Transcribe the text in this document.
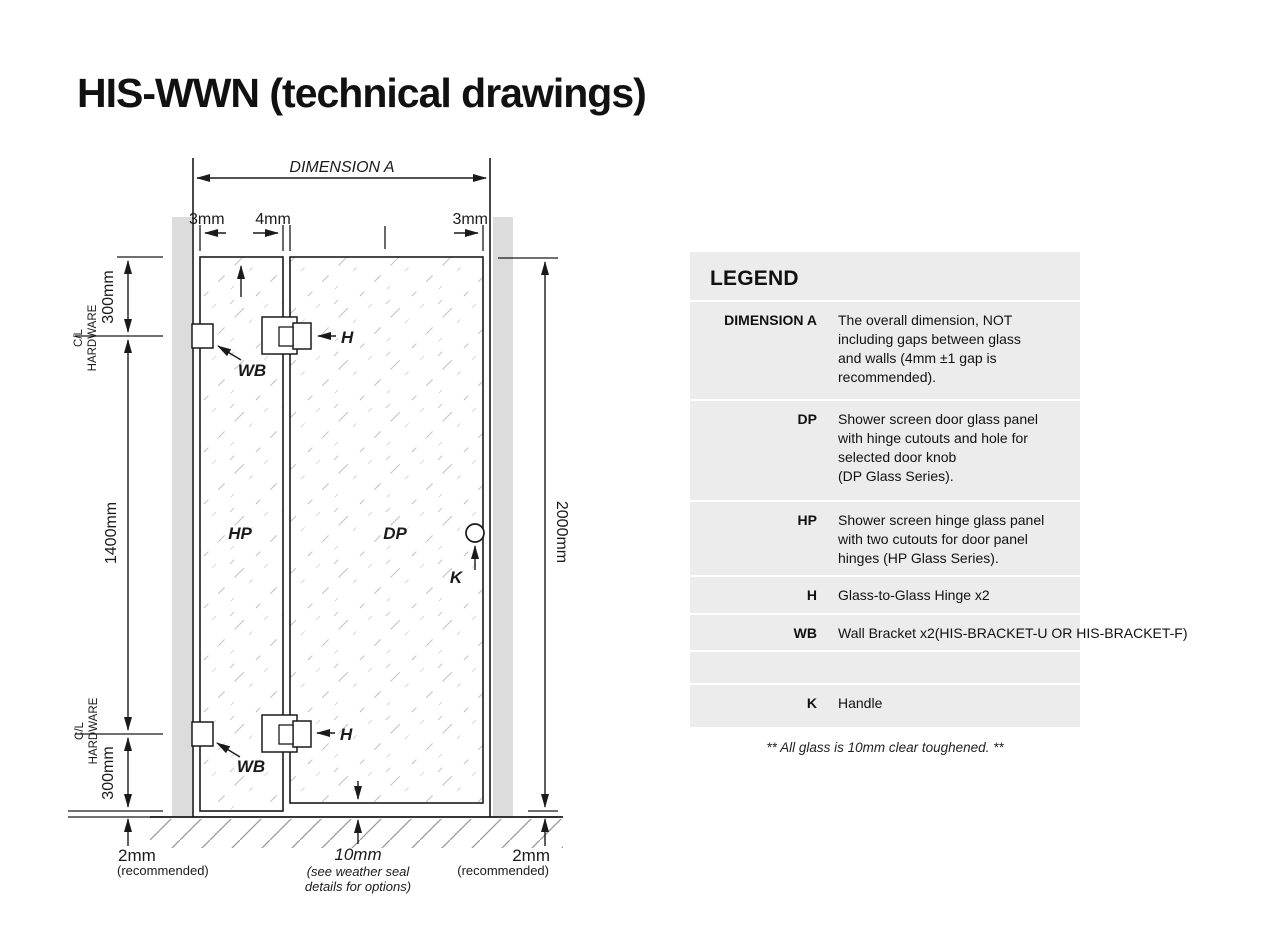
HIS-WWN (technical drawings)
DIMENSION A
3mm 4mm	3mm
300mm
1400mm
300mm
C/L HARDWARE
C/L HARDWARE
2000mm
HP	DP
WB
WB
H
H
K
2mm
(recommended)
10mm
(see weather seal
details for options)
2mm
(recommended)
LEGEND
DIMENSION A The overall dimension, NOT
including gaps between glass
and walls (4mm ±1 gap is
recommended).
DP Shower screen door glass panel
with hinge cutouts and hole for
selected door knob
(DP Glass Series).
HP Shower screen hinge glass panel
with two cutouts for door panel
hinges (HP Glass Series).
H Glass-to-Glass Hinge x2
WB Wall Bracket x2(HIS-BRACKET-U OR HIS-BRACKET-F)
K Handle
** All glass is 10mm clear toughened. **
